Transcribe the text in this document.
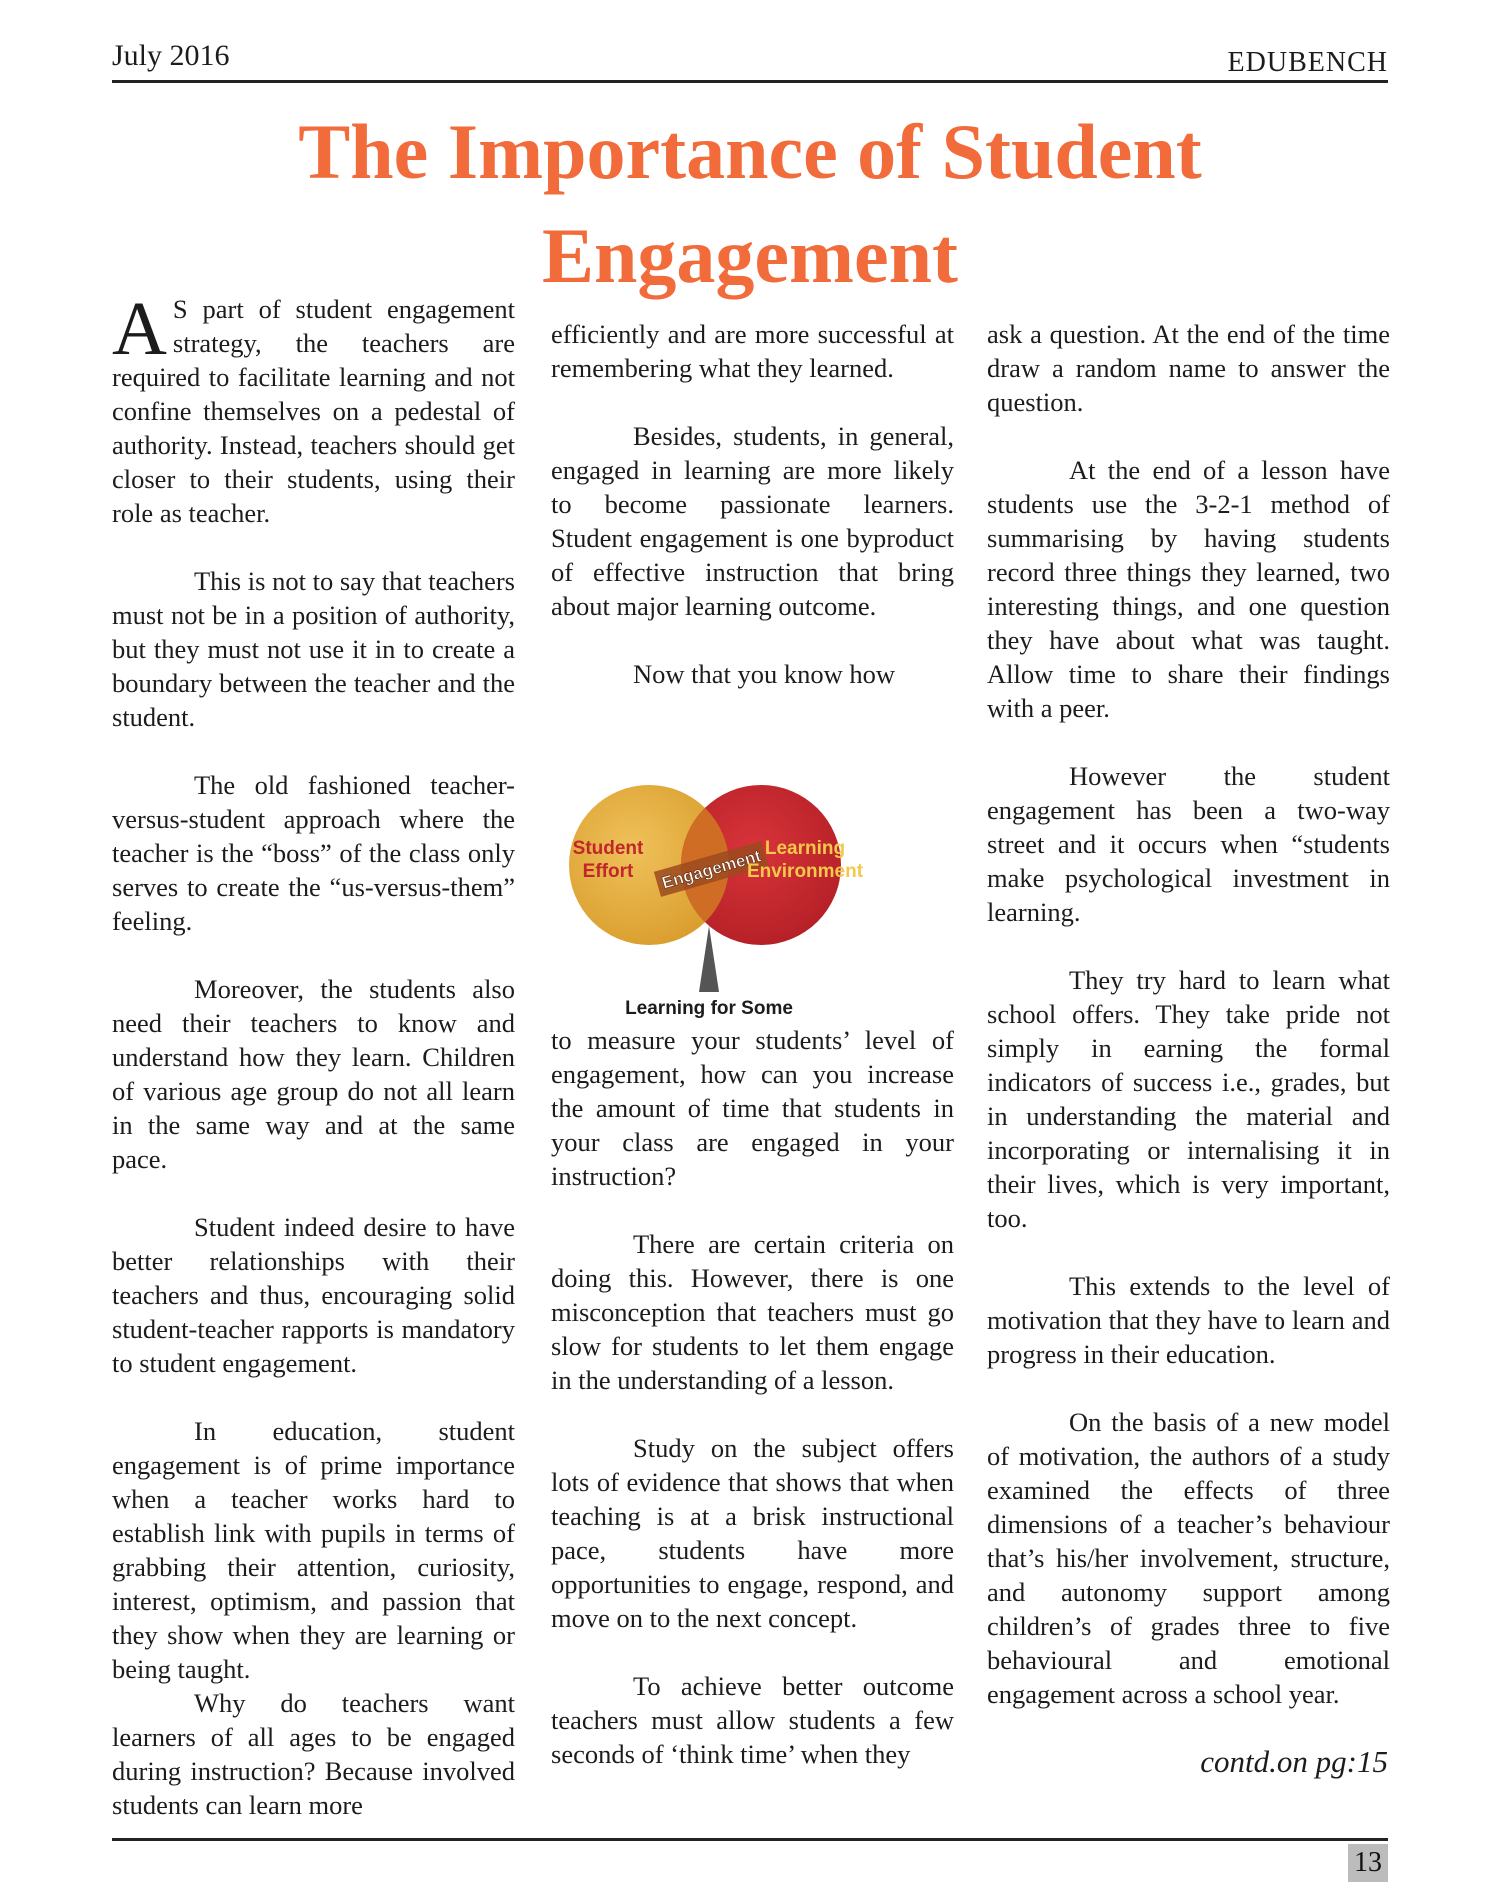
July 2016	EDUBENCH
The Importance of Student
Engagement

A S part of student engagement strategy, the teachers are required to facilitate learning and not confine themselves on a pedestal of authority. Instead, teachers should get closer to their students, using their role as teacher.

This is not to say that teachers must not be in a position of authority, but they must not use it in to create a boundary between the teacher and the student.

The old fashioned teacher-versus-student approach where the teacher is the “boss” of the class only serves to create the “us-versus-them” feeling.

Moreover, the students also need their teachers to know and understand how they learn. Children of various age group do not all learn in the same way and at the same pace.

Student indeed desire to have better relationships with their teachers and thus, encouraging solid student-teacher rapports is mandatory to student engagement.

In education, student engagement is of prime importance when a teacher works hard to establish link with pupils in terms of grabbing their attention, curiosity, interest, optimism, and passion that they show when they are learning or being taught.

Why do teachers want learners of all ages to be engaged during instruction? Because involved students can learn more

efficiently and are more successful at remembering what they learned.

Besides, students, in general, engaged in learning are more likely to become passionate learners. Student engagement is one byproduct of effective instruction that bring about major learning outcome.

Now that you know how

Engagement
Student
Effort
Learning
Environment
Learning for Some

to measure your students’ level of engagement, how can you increase the amount of time that students in your class are engaged in your instruction?

There are certain criteria on doing this. However, there is one misconception that teachers must go slow for students to let them engage in the understanding of a lesson.

Study on the subject offers lots of evidence that shows that when teaching is at a brisk instructional pace, students have more opportunities to engage, respond, and move on to the next concept.

To achieve better outcome teachers must allow students a few seconds of ‘think time’ when they

ask a question. At the end of the time draw a random name to answer the question.

At the end of a lesson have students use the 3-2-1 method of summarising by having students record three things they learned, two interesting things, and one question they have about what was taught. Allow time to share their findings with a peer.

However the student engagement has been a two-way street and it occurs when “students make psychological investment in learning.

They try hard to learn what school offers. They take pride not simply in earning the formal indicators of success i.e., grades, but in understanding the material and incorporating or internalising it in their lives, which is very important, too.

This extends to the level of motivation that they have to learn and progress in their education.

On the basis of a new model of motivation, the authors of a study examined the effects of three dimensions of a teacher’s behaviour that’s his/her involvement, structure, and autonomy support among children’s of grades three to five behavioural and emotional engagement across a school year.

contd.on pg:15
13
